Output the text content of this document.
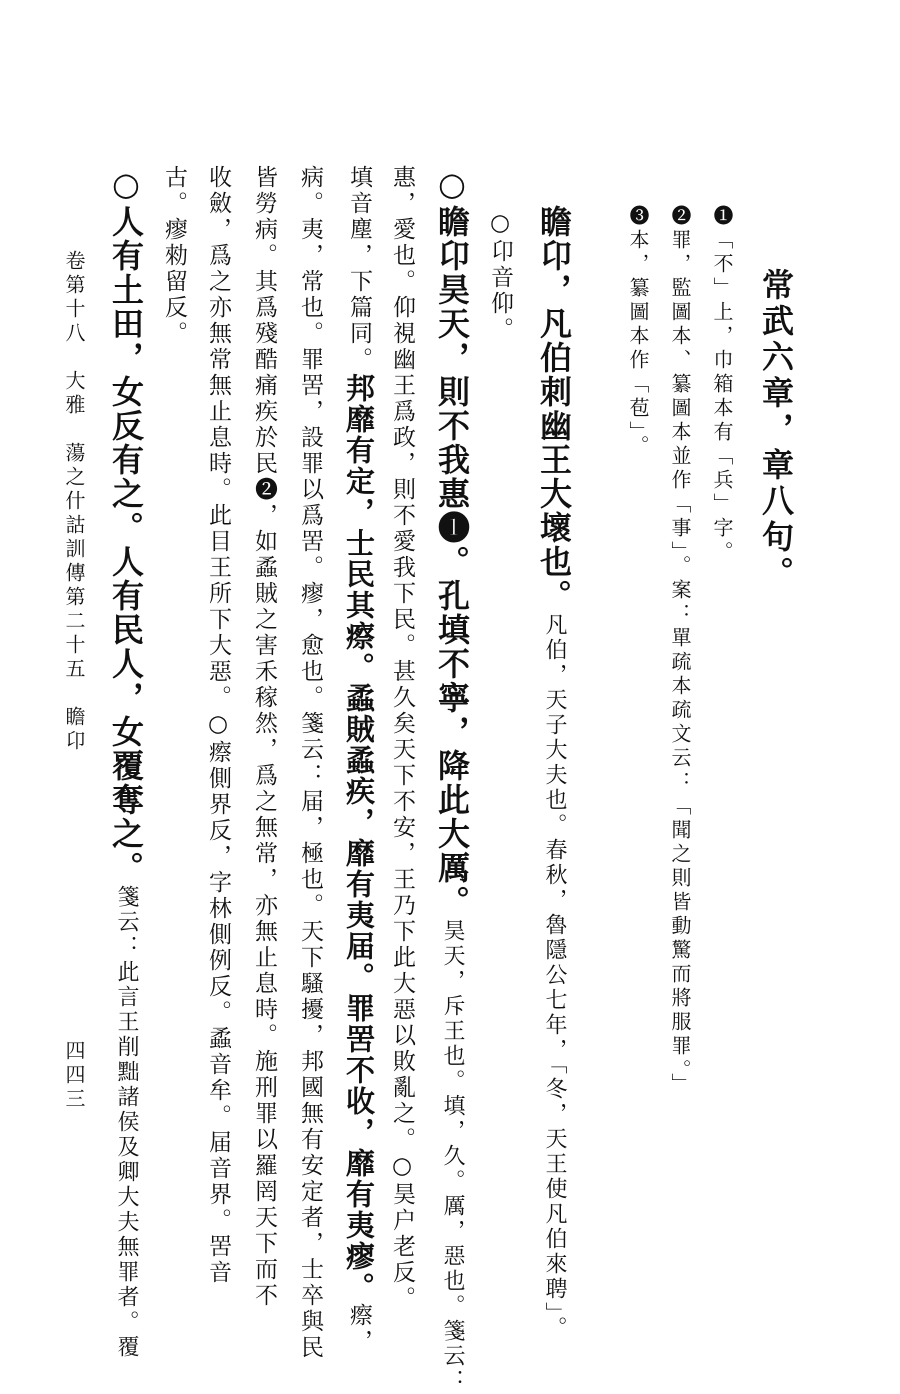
常武六章，章八句。
❶「不」上，巾箱本有「兵」字。
❷罪，監圖本、纂圖本並作「事」。案：單疏本疏文云：「聞之則皆動驚而將服罪。」
❸本，纂圖本作「苞」。
瞻卬，凡伯刺幽王大壞也。凡伯，天子大夫也。春秋，魯隱公七年，「冬，天王使凡伯來聘」。
○卬音仰。
○瞻卬昊天，則不我惠❶。孔填不寧，降此大厲。昊天，斥王也。填，久。厲，惡也。箋云：
惠，愛也。仰視幽王爲政，則不愛我下民。甚久矣天下不安，王乃下此大惡以敗亂之。○昊户老反。
填音塵，下篇同。邦靡有定，士民其瘵。蟊賊蟊疾，靡有夷届。罪罟不收，靡有夷瘳。瘵，
病。夷，常也。罪罟，設罪以爲罟。瘳，愈也。箋云：届，極也。天下騷擾，邦國無有安定者，士卒與民
皆勞病。其爲殘酷痛疾於民❷，如蟊賊之害禾稼然，爲之無常，亦無止息時。施刑罪以羅罔天下而不
收斂，爲之亦無常無止息時。此目王所下大惡。○瘵側界反，字林側例反。蟊音牟。届音界。罟音
古。瘳勑留反。
○人有土田，女反有之。人有民人，女覆奪之。箋云：此言王削黜諸侯及卿大夫無罪者。覆
卷第十八　大雅　蕩之什詁訓傳第二十五　瞻卬
四四三
